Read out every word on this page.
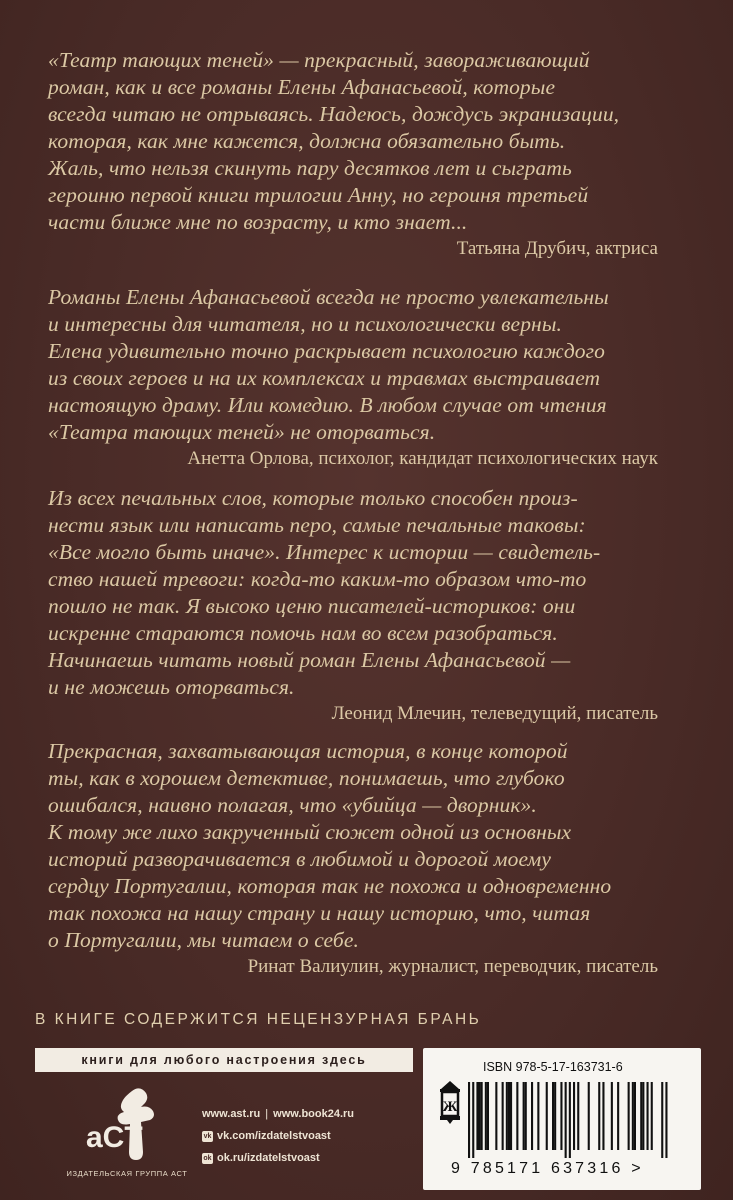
«Театр тающих теней» — прекрасный, завораживающий
роман, как и все романы Елены Афанасьевой, которые
всегда читаю не отрываясь. Надеюсь, дождусь экранизации,
которая, как мне кажется, должна обязательно быть.
Жаль, что нельзя скинуть пару десятков лет и сыграть
героиню первой книги трилогии Анну, но героиня третьей
части ближе мне по возрасту, и кто знает...
Татьяна Друбич, актриса
Романы Елены Афанасьевой всегда не просто увлекательны
и интересны для читателя, но и психологически верны.
Елена удивительно точно раскрывает психологию каждого
из своих героев и на их комплексах и травмах выстраивает
настоящую драму. Или комедию. В любом случае от чтения
«Театра тающих теней» не оторваться.
Анетта Орлова, психолог, кандидат психологических наук
Из всех печальных слов, которые только способен произ-
нести язык или написать перо, самые печальные таковы:
«Все могло быть иначе». Интерес к истории — свидетель-
ство нашей тревоги: когда-то каким-то образом что-то
пошло не так. Я высоко ценю писателей-историков: они
искренне стараются помочь нам во всем разобраться.
Начинаешь читать новый роман Елены Афанасьевой —
и не можешь оторваться.
Леонид Млечин, телеведущий, писатель
Прекрасная, захватывающая история, в конце которой
ты, как в хорошем детективе, понимаешь, что глубоко
ошибался, наивно полагая, что «убийца — дворник».
К тому же лихо закрученный сюжет одной из основных
историй разворачивается в любимой и дорогой моему
сердцу Португалии, которая так не похожа и одновременно
так похожа на нашу страну и нашу историю, что, читая
о Португалии, мы читаем о себе.
Ринат Валиулин, журналист, переводчик, писатель
В КНИГЕ СОДЕРЖИТСЯ НЕЦЕНЗУРНАЯ БРАНЬ
книги для любого настроения здесь
aCT
ИЗДАТЕЛЬСКАЯ ГРУППА АСТ
www.ast.ru | www.book24.ru
vk vk.com/izdatelstvoast
ok ok.ru/izdatelstvoast
ISBN 978-5-17-163731-6
Ж
9 785171 637316 >
